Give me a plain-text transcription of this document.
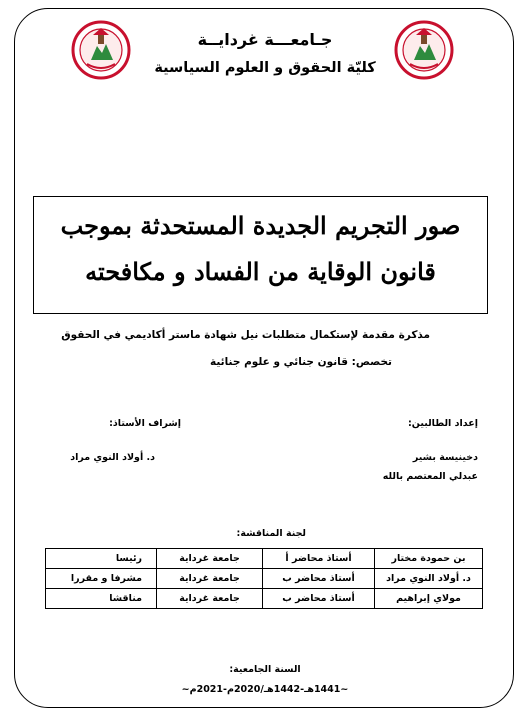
جـامعـــة غردايــة
كليّة الحقوق و العلوم السياسية
صور التجريم الجديدة المستحدثة بموجب
قانون الوقاية من الفساد و مكافحته
مذكرة مقدمة لإستكمال متطلبات نيل شهادة ماستر أكاديمي في الحقوق
تخصص: قانون جنائي و علوم جنائية
إعداد الطالبين:
دخينيسة بشير
عبدلي المعتصم بالله
إشراف الأستاذ:
د. أولاد النوي مراد
لجنة المناقشة:
بن حمودة مختار	أستاذ محاضر أ	جامعة غرداية	رئيسا
د. أولاد النوي مراد	أستاذ محاضر ب	جامعة غرداية	مشرفا و مقررا
مولاي إبراهيم	أستاذ محاضر ب	جامعة غرداية	مناقشا
السنة الجامعية:
~1441هـ-1442هـ/2020م-2021م~
